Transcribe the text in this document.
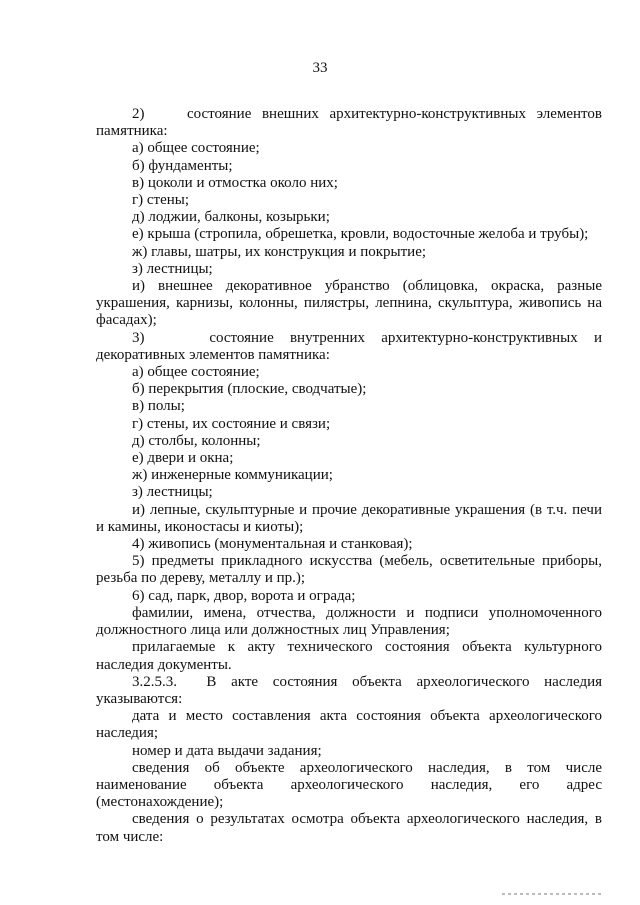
33

2)    состояние внешних архитектурно-конструктивных элементов памятника:

а) общее состояние;

б) фундаменты;

в) цоколи и отмостка около них;

г) стены;

д) лоджии, балконы, козырьки;

е) крыша (стропила, обрешетка, кровли, водосточные желоба и трубы);

ж) главы, шатры, их конструкция и покрытие;

з) лестницы;

и) внешнее декоративное убранство (облицовка, окраска, разные украшения, карнизы, колонны, пилястры, лепнина, скульптура, живопись на фасадах);

3)    состояние внутренних архитектурно-конструктивных и декоративных элементов памятника:

а) общее состояние;

б) перекрытия (плоские, сводчатые);

в) полы;

г) стены, их состояние и связи;

д) столбы, колонны;

е) двери и окна;

ж) инженерные коммуникации;

з) лестницы;

и) лепные, скульптурные и прочие декоративные украшения (в т.ч. печи и камины, иконостасы и киоты);

4) живопись (монументальная и станковая);

5) предметы прикладного искусства (мебель, осветительные приборы, резьба по дереву, металлу и пр.);

6) сад, парк, двор, ворота и ограда;

фамилии, имена, отчества, должности и подписи уполномоченного должностного лица или должностных лиц Управления;

прилагаемые к акту технического состояния объекта культурного наследия документы.

3.2.5.3.  В акте состояния объекта археологического наследия указываются:

дата и место составления акта состояния объекта археологического наследия;

номер и дата выдачи задания;

сведения об объекте археологического наследия, в том числе наименование объекта археологического наследия, его адрес (местонахождение);

сведения о результатах осмотра объекта археологического наследия, в том числе:
